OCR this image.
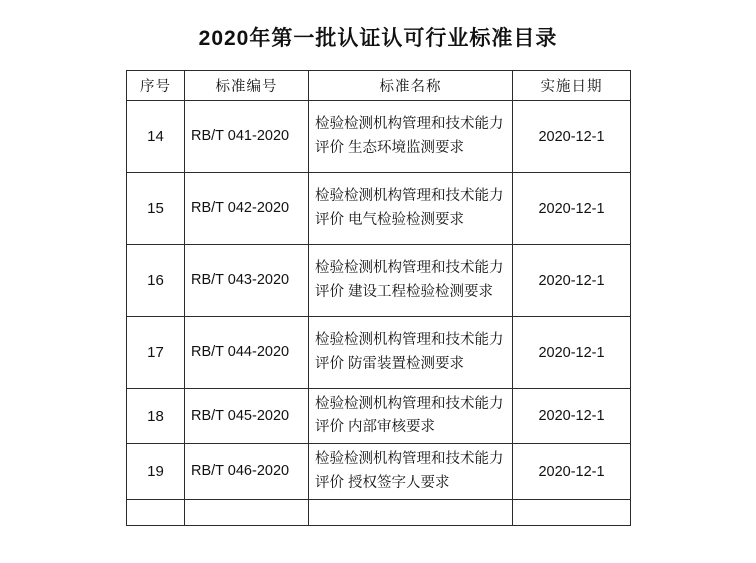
2020年第一批认证认可行业标准目录
序号	标准编号	标准名称	实施日期
14	RB/T 041-2020	检验检测机构管理和技术能力评价 生态环境监测要求	2020-12-1
15	RB/T 042-2020	检验检测机构管理和技术能力评价 电气检验检测要求	2020-12-1
16	RB/T 043-2020	检验检测机构管理和技术能力评价 建设工程检验检测要求	2020-12-1
17	RB/T 044-2020	检验检测机构管理和技术能力评价 防雷装置检测要求	2020-12-1
18	RB/T 045-2020	检验检测机构管理和技术能力评价 内部审核要求	2020-12-1
19	RB/T 046-2020	检验检测机构管理和技术能力评价 授权签字人要求	2020-12-1
